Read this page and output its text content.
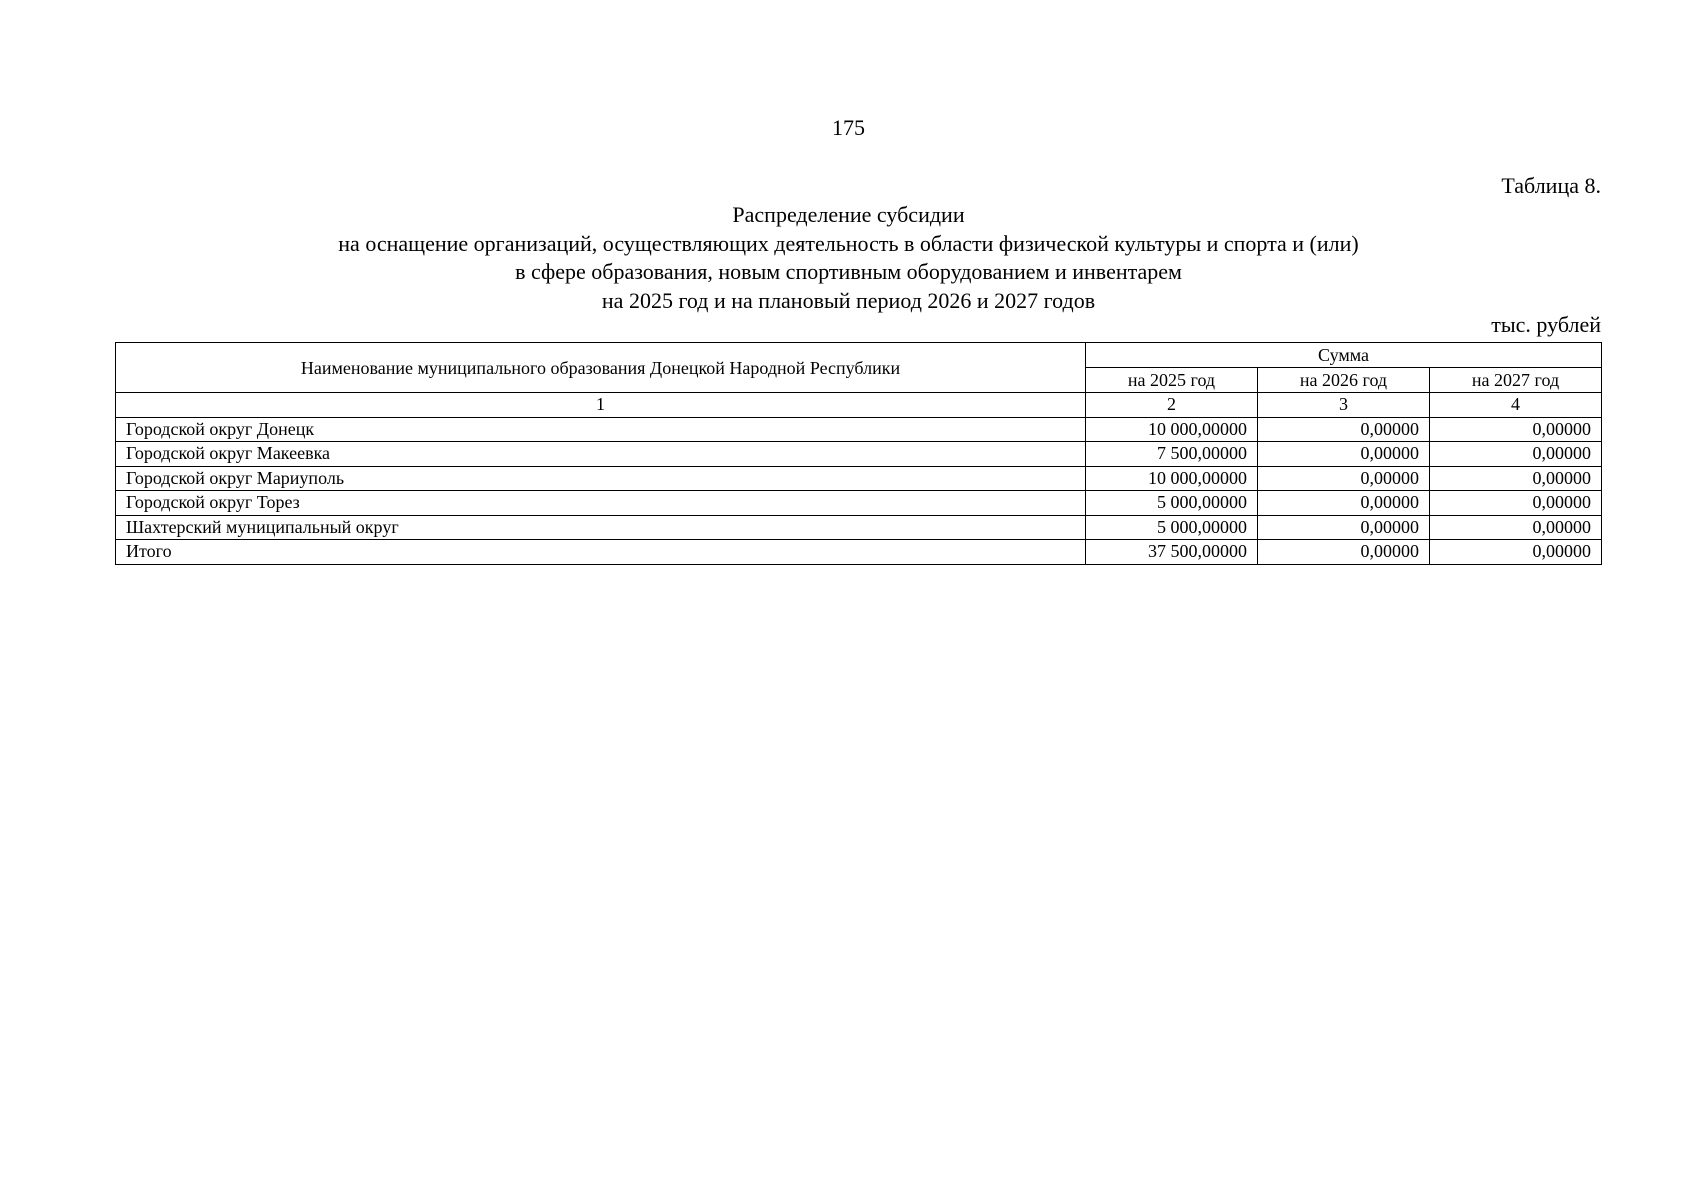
175
Таблица 8.
Распределение субсидии
на оснащение организаций, осуществляющих деятельность в области физической культуры и спорта и (или)
в сфере образования, новым спортивным оборудованием и инвентарем
на 2025 год и на плановый период 2026 и 2027 годов
тыс. рублей
Наименование муниципального образования Донецкой Народной Республики	Сумма		
	на 2025 год	на 2026 год	на 2027 год
1	2	3	4
Городской округ Донецк	10 000,00000	0,00000	0,00000
Городской округ Макеевка	7 500,00000	0,00000	0,00000
Городской округ Мариуполь	10 000,00000	0,00000	0,00000
Городской округ Торез	5 000,00000	0,00000	0,00000
Шахтерский муниципальный округ	5 000,00000	0,00000	0,00000
Итого	37 500,00000	0,00000	0,00000
